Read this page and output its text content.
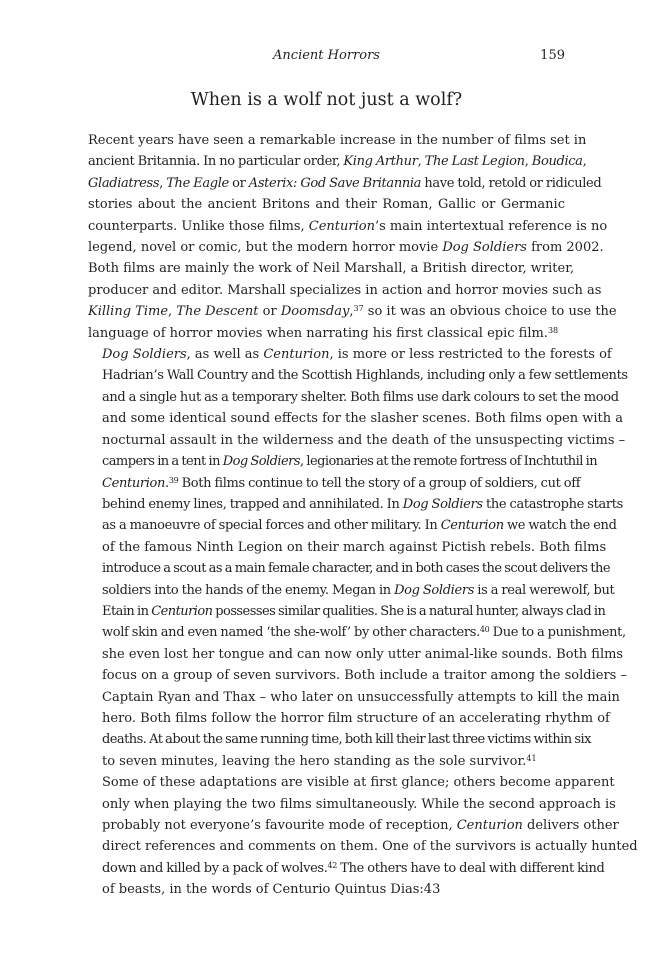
Ancient Horrors	159
When is a wolf not just a wolf?

Recent years have seen a remarkable increase in the number of films set in
ancient Britannia. In no particular order, King Arthur, The Last Legion, Boudica,
Gladiatress, The Eagle or Asterix: God Save Britannia have told, retold or ridiculed
stories about the ancient Britons and their Roman, Gallic or Germanic
counterparts. Unlike those films, Centurion’s main intertextual reference is no
legend, novel or comic, but the modern horror movie Dog Soldiers from 2002.
Both films are mainly the work of Neil Marshall, a British director, writer,
producer and editor. Marshall specializes in action and horror movies such as
Killing Time, The Descent or Doomsday,$^{37}$ so it was an obvious choice to use the
language of horror movies when narrating his first classical epic film.$^{38}$

Dog Soldiers, as well as Centurion, is more or less restricted to the forests of
Hadrian’s Wall Country and the Scottish Highlands, including only a few settlements
and a single hut as a temporary shelter. Both films use dark colours to set the mood
and some identical sound effects for the slasher scenes. Both films open with a
nocturnal assault in the wilderness and the death of the unsuspecting victims –
campers in a tent in Dog Soldiers, legionaries at the remote fortress of Inchtuthil in
Centurion.$^{39}$ Both films continue to tell the story of a group of soldiers, cut off
behind enemy lines, trapped and annihilated. In Dog Soldiers the catastrophe starts
as a manoeuvre of special forces and other military. In Centurion we watch the end
of the famous Ninth Legion on their march against Pictish rebels. Both films
introduce a scout as a main female character, and in both cases the scout delivers the
soldiers into the hands of the enemy. Megan in Dog Soldiers is a real werewolf, but
Etain in Centurion possesses similar qualities. She is a natural hunter, always clad in
wolf skin and even named ‘the she-wolf’ by other characters.$^{40}$ Due to a punishment,
she even lost her tongue and can now only utter animal-like sounds. Both films
focus on a group of seven survivors. Both include a traitor among the soldiers –
Captain Ryan and Thax – who later on unsuccessfully attempts to kill the main
hero. Both films follow the horror film structure of an accelerating rhythm of
deaths. At about the same running time, both kill their last three victims within six
to seven minutes, leaving the hero standing as the sole survivor.$^{41}$

Some of these adaptations are visible at first glance; others become apparent
only when playing the two films simultaneously. While the second approach is
probably not everyone’s favourite mode of reception, Centurion delivers other
direct references and comments on them. One of the survivors is actually hunted
down and killed by a pack of wolves.$^{42}$ The others have to deal with different kind
of beasts, in the words of Centurio Quintus Dias:43
